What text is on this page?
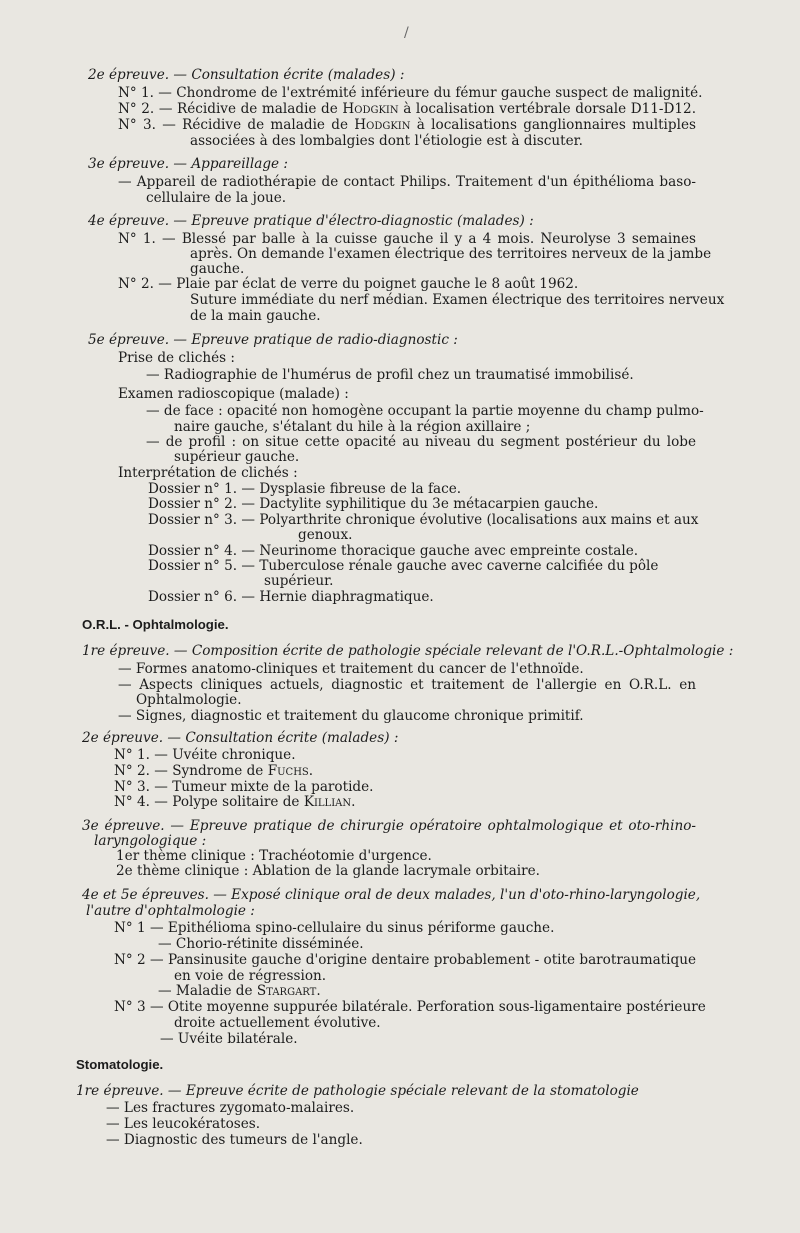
/
2e épreuve. — Consultation écrite (malades) :
N° 1. — Chondrome de l'extrémité inférieure du fémur gauche suspect de malignité.
N° 2. — Récidive de maladie de Hodgkin à localisation vertébrale dorsale D11-D12.
N° 3. — Récidive de maladie de Hodgkin à localisations ganglionnaires multiples
associées à des lombalgies dont l'étiologie est à discuter.
3e épreuve. — Appareillage :
— Appareil de radiothérapie de contact Philips. Traitement d'un épithélioma baso-
cellulaire de la joue.
4e épreuve. — Epreuve pratique d'électro-diagnostic (malades) :
N° 1. — Blessé par balle à la cuisse gauche il y a 4 mois. Neurolyse 3 semaines
après. On demande l'examen électrique des territoires nerveux de la jambe
gauche.
N° 2. — Plaie par éclat de verre du poignet gauche le 8 août 1962.
Suture immédiate du nerf médian. Examen électrique des territoires nerveux
de la main gauche.
5e épreuve. — Epreuve pratique de radio-diagnostic :
Prise de clichés :
— Radiographie de l'humérus de profil chez un traumatisé immobilisé.
Examen radioscopique (malade) :
— de face : opacité non homogène occupant la partie moyenne du champ pulmo-
naire gauche, s'étalant du hile à la région axillaire ;
— de profil : on situe cette opacité au niveau du segment postérieur du lobe
supérieur gauche.
Interprétation de clichés :
Dossier n° 1. — Dysplasie fibreuse de la face.
Dossier n° 2. — Dactylite syphilitique du 3e métacarpien gauche.
Dossier n° 3. — Polyarthrite chronique évolutive (localisations aux mains et aux
genoux.
Dossier n° 4. — Neurinome thoracique gauche avec empreinte costale.
Dossier n° 5. — Tuberculose rénale gauche avec caverne calcifiée du pôle
supérieur.
Dossier n° 6. — Hernie diaphragmatique.
O.R.L. - Ophtalmologie.
1re épreuve. — Composition écrite de pathologie spéciale relevant de l'O.R.L.-Ophtalmologie :
— Formes anatomo-cliniques et traitement du cancer de l'ethnoïde.
— Aspects cliniques actuels, diagnostic et traitement de l'allergie en O.R.L. en
Ophtalmologie.
— Signes, diagnostic et traitement du glaucome chronique primitif.
2e épreuve. — Consultation écrite (malades) :
N° 1. — Uvéite chronique.
N° 2. — Syndrome de Fuchs.
N° 3. — Tumeur mixte de la parotide.
N° 4. — Polype solitaire de Killian.
3e épreuve. — Epreuve pratique de chirurgie opératoire ophtalmologique et oto-rhino-
laryngologique :
1er thème clinique : Trachéotomie d'urgence.
2e thème clinique : Ablation de la glande lacrymale orbitaire.
4e et 5e épreuves. — Exposé clinique oral de deux malades, l'un d'oto-rhino-laryngologie,
l'autre d'ophtalmologie :
N° 1 — Epithélioma spino-cellulaire du sinus périforme gauche.
— Chorio-rétinite disséminée.
N° 2 — Pansinusite gauche d'origine dentaire probablement - otite barotraumatique
en voie de régression.
— Maladie de Stargart.
N° 3 — Otite moyenne suppurée bilatérale. Perforation sous-ligamentaire postérieure
droite actuellement évolutive.
— Uvéite bilatérale.
Stomatologie.
1re épreuve. — Epreuve écrite de pathologie spéciale relevant de la stomatologie
— Les fractures zygomato-malaires.
— Les leucokératoses.
— Diagnostic des tumeurs de l'angle.
